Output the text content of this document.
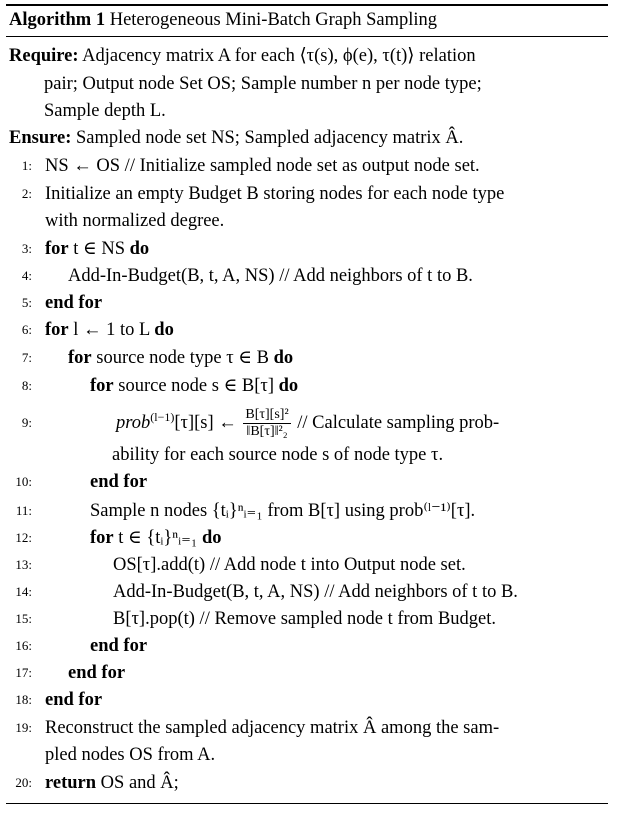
Algorithm 1 Heterogeneous Mini-Batch Graph Sampling
Require: Adjacency matrix A for each ⟨τ(s), ϕ(e), τ(t)⟩ relation
pair; Output node Set OS; Sample number n per node type;
Sample depth L.
Ensure: Sampled node set NS; Sampled adjacency matrix Â.
1: NS ← OS // Initialize sampled node set as output node set.
2: Initialize an empty Budget B storing nodes for each node type
with normalized degree.
3: for t ∈ NS do
4: Add-In-Budget(B, t, A, NS) // Add neighbors of t to B.
5: end for
6: for l ← 1 to L do
7: for source node type τ ∈ B do
8:	for source node s ∈ B[τ] do
9:	prob$^{(l-1)}$[τ][s] ← $\frac{\text{B[τ][s]²}}{\text{‖B[τ]‖²₂}}$ // Calculate sampling prob-
ability for each source node s of node type τ.
10:	end for
11:	Sample n nodes {tᵢ}ⁿᵢ₌₁ from B[τ] using prob⁽ˡ⁻¹⁾[τ].
12:	for t ∈ {tᵢ}ⁿᵢ₌₁ do
13:	OS[τ].add(t) // Add node t into Output node set.
14:	Add-In-Budget(B, t, A, NS) // Add neighbors of t to B.
15:	B[τ].pop(t) // Remove sampled node t from Budget.
16:	end for
17: end for
18: end for
19: Reconstruct the sampled adjacency matrix Â among the sam-
pled nodes OS from A.
20: return OS and Â;
